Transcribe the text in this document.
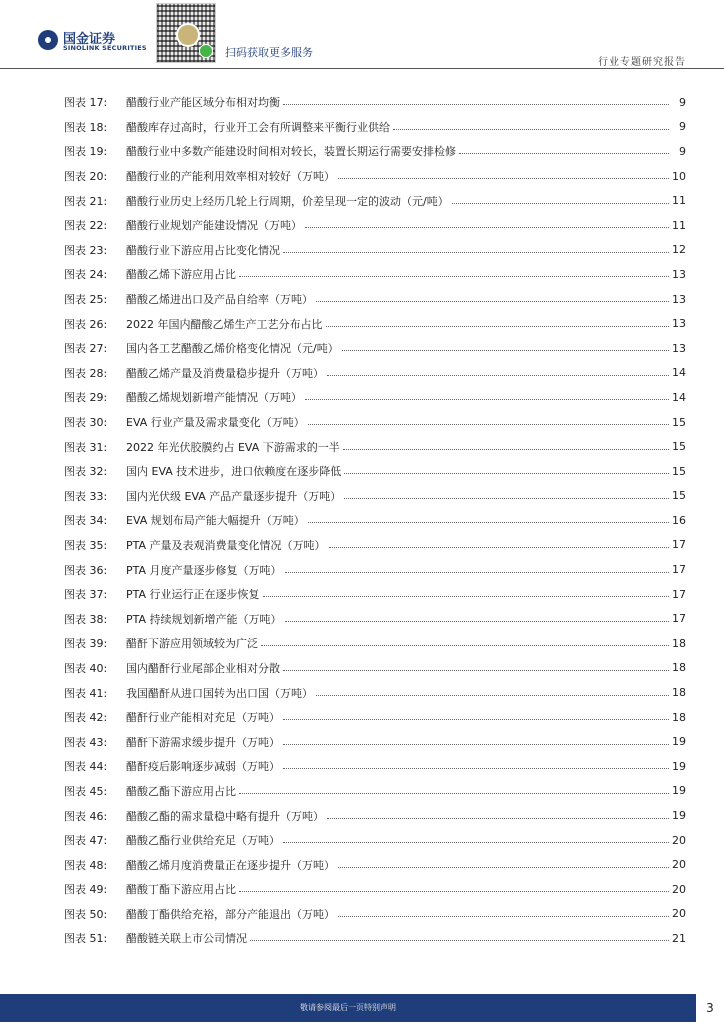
国金证券
SINOLINK SECURITIES	扫码获取更多服务
行业专题研究报告
图表 17:	醋酸行业产能区域分布相对均衡	9
图表 18:	醋酸库存过高时，行业开工会有所调整来平衡行业供给	9
图表 19:	醋酸行业中多数产能建设时间相对较长，装置长期运行需要安排检修	9
图表 20:	醋酸行业的产能利用效率相对较好（万吨）	10
图表 21:	醋酸行业历史上经历几轮上行周期，价差呈现一定的波动（元/吨）	11
图表 22:	醋酸行业规划产能建设情况（万吨）	11
图表 23:	醋酸行业下游应用占比变化情况	12
图表 24:	醋酸乙烯下游应用占比	13
图表 25:	醋酸乙烯进出口及产品自给率（万吨）	13
图表 26:	2022 年国内醋酸乙烯生产工艺分布占比	13
图表 27:	国内各工艺醋酸乙烯价格变化情况（元/吨）	13
图表 28:	醋酸乙烯产量及消费量稳步提升（万吨）	14
图表 29:	醋酸乙烯规划新增产能情况（万吨）	14
图表 30:	EVA 行业产量及需求量变化（万吨）	15
图表 31:	2022 年光伏胶膜约占 EVA 下游需求的一半	15
图表 32:	国内 EVA 技术进步，进口依赖度在逐步降低	15
图表 33:	国内光伏级 EVA 产品产量逐步提升（万吨）	15
图表 34:	EVA 规划布局产能大幅提升（万吨）	16
图表 35:	PTA 产量及表观消费量变化情况（万吨）	17
图表 36:	PTA 月度产量逐步修复（万吨）	17
图表 37:	PTA 行业运行正在逐步恢复	17
图表 38:	PTA 持续规划新增产能（万吨）	17
图表 39:	醋酐下游应用领域较为广泛	18
图表 40:	国内醋酐行业尾部企业相对分散	18
图表 41:	我国醋酐从进口国转为出口国（万吨）	18
图表 42:	醋酐行业产能相对充足（万吨）	18
图表 43:	醋酐下游需求缓步提升（万吨）	19
图表 44:	醋酐疫后影响逐步减弱（万吨）	19
图表 45:	醋酸乙酯下游应用占比	19
图表 46:	醋酸乙酯的需求量稳中略有提升（万吨）	19
图表 47:	醋酸乙酯行业供给充足（万吨）	20
图表 48:	醋酸乙烯月度消费量正在逐步提升（万吨）	20
图表 49:	醋酸丁酯下游应用占比	20
图表 50:	醋酸丁酯供给充裕，部分产能退出（万吨）	20
图表 51:	醋酸链关联上市公司情况	21
敬请参阅最后一页特别声明	3
